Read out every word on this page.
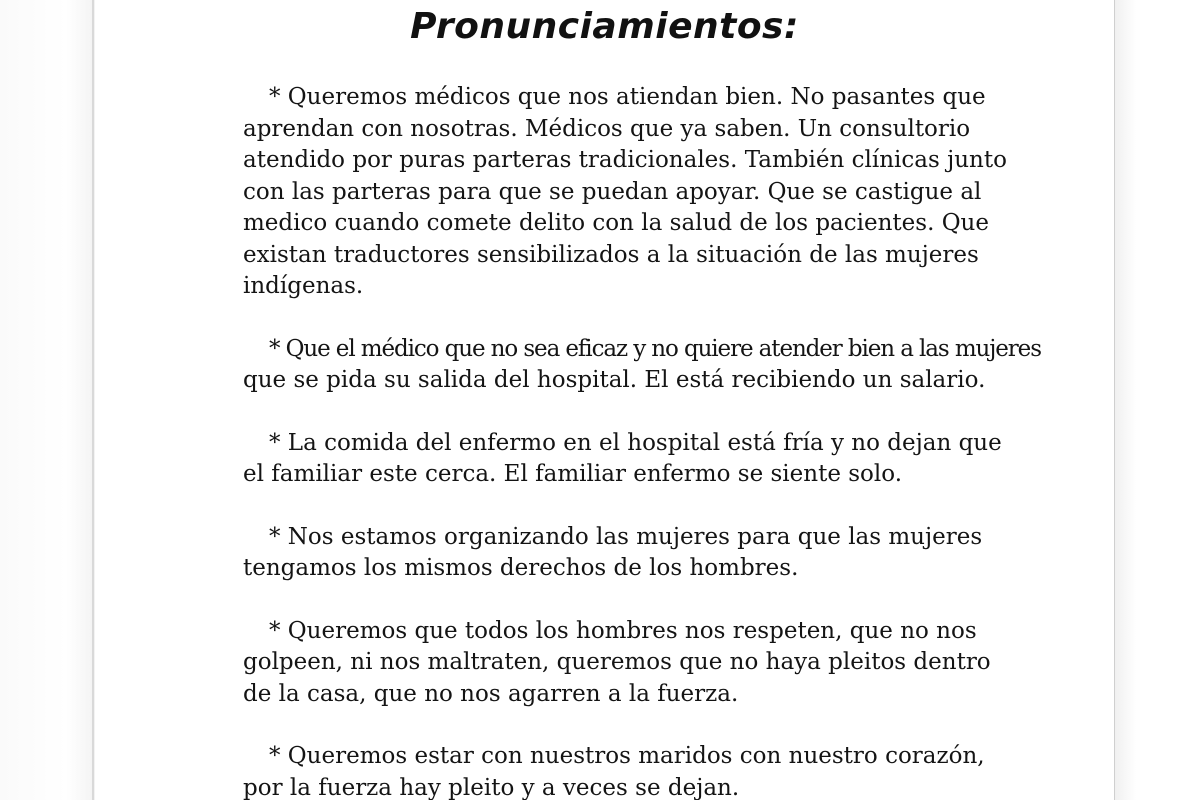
Pronunciamientos:

* Queremos médicos que nos atiendan bien. No pasantes que

aprendan con nosotras. Médicos que ya saben. Un consultorio

atendido por puras parteras tradicionales. También clínicas junto

con las parteras para que se puedan apoyar. Que se castigue al

medico cuando comete delito con la salud de los pacientes. Que

existan traductores sensibilizados a la situación de las mujeres

indígenas.

* Que el médico que no sea eficaz y no quiere atender bien a las mujeres

que se pida su salida del hospital. El está recibiendo un salario.

* La comida del enfermo en el hospital está fría y no dejan que

el familiar este cerca. El familiar enfermo se siente solo.

* Nos estamos organizando las mujeres para que las mujeres

tengamos los mismos derechos de los hombres.

* Queremos que todos los hombres nos respeten, que no nos

golpeen, ni nos maltraten, queremos que no haya pleitos dentro

de la casa, que no nos agarren a la fuerza.

* Queremos estar con nuestros maridos con nuestro corazón,

por la fuerza hay pleito y a veces se dejan.
